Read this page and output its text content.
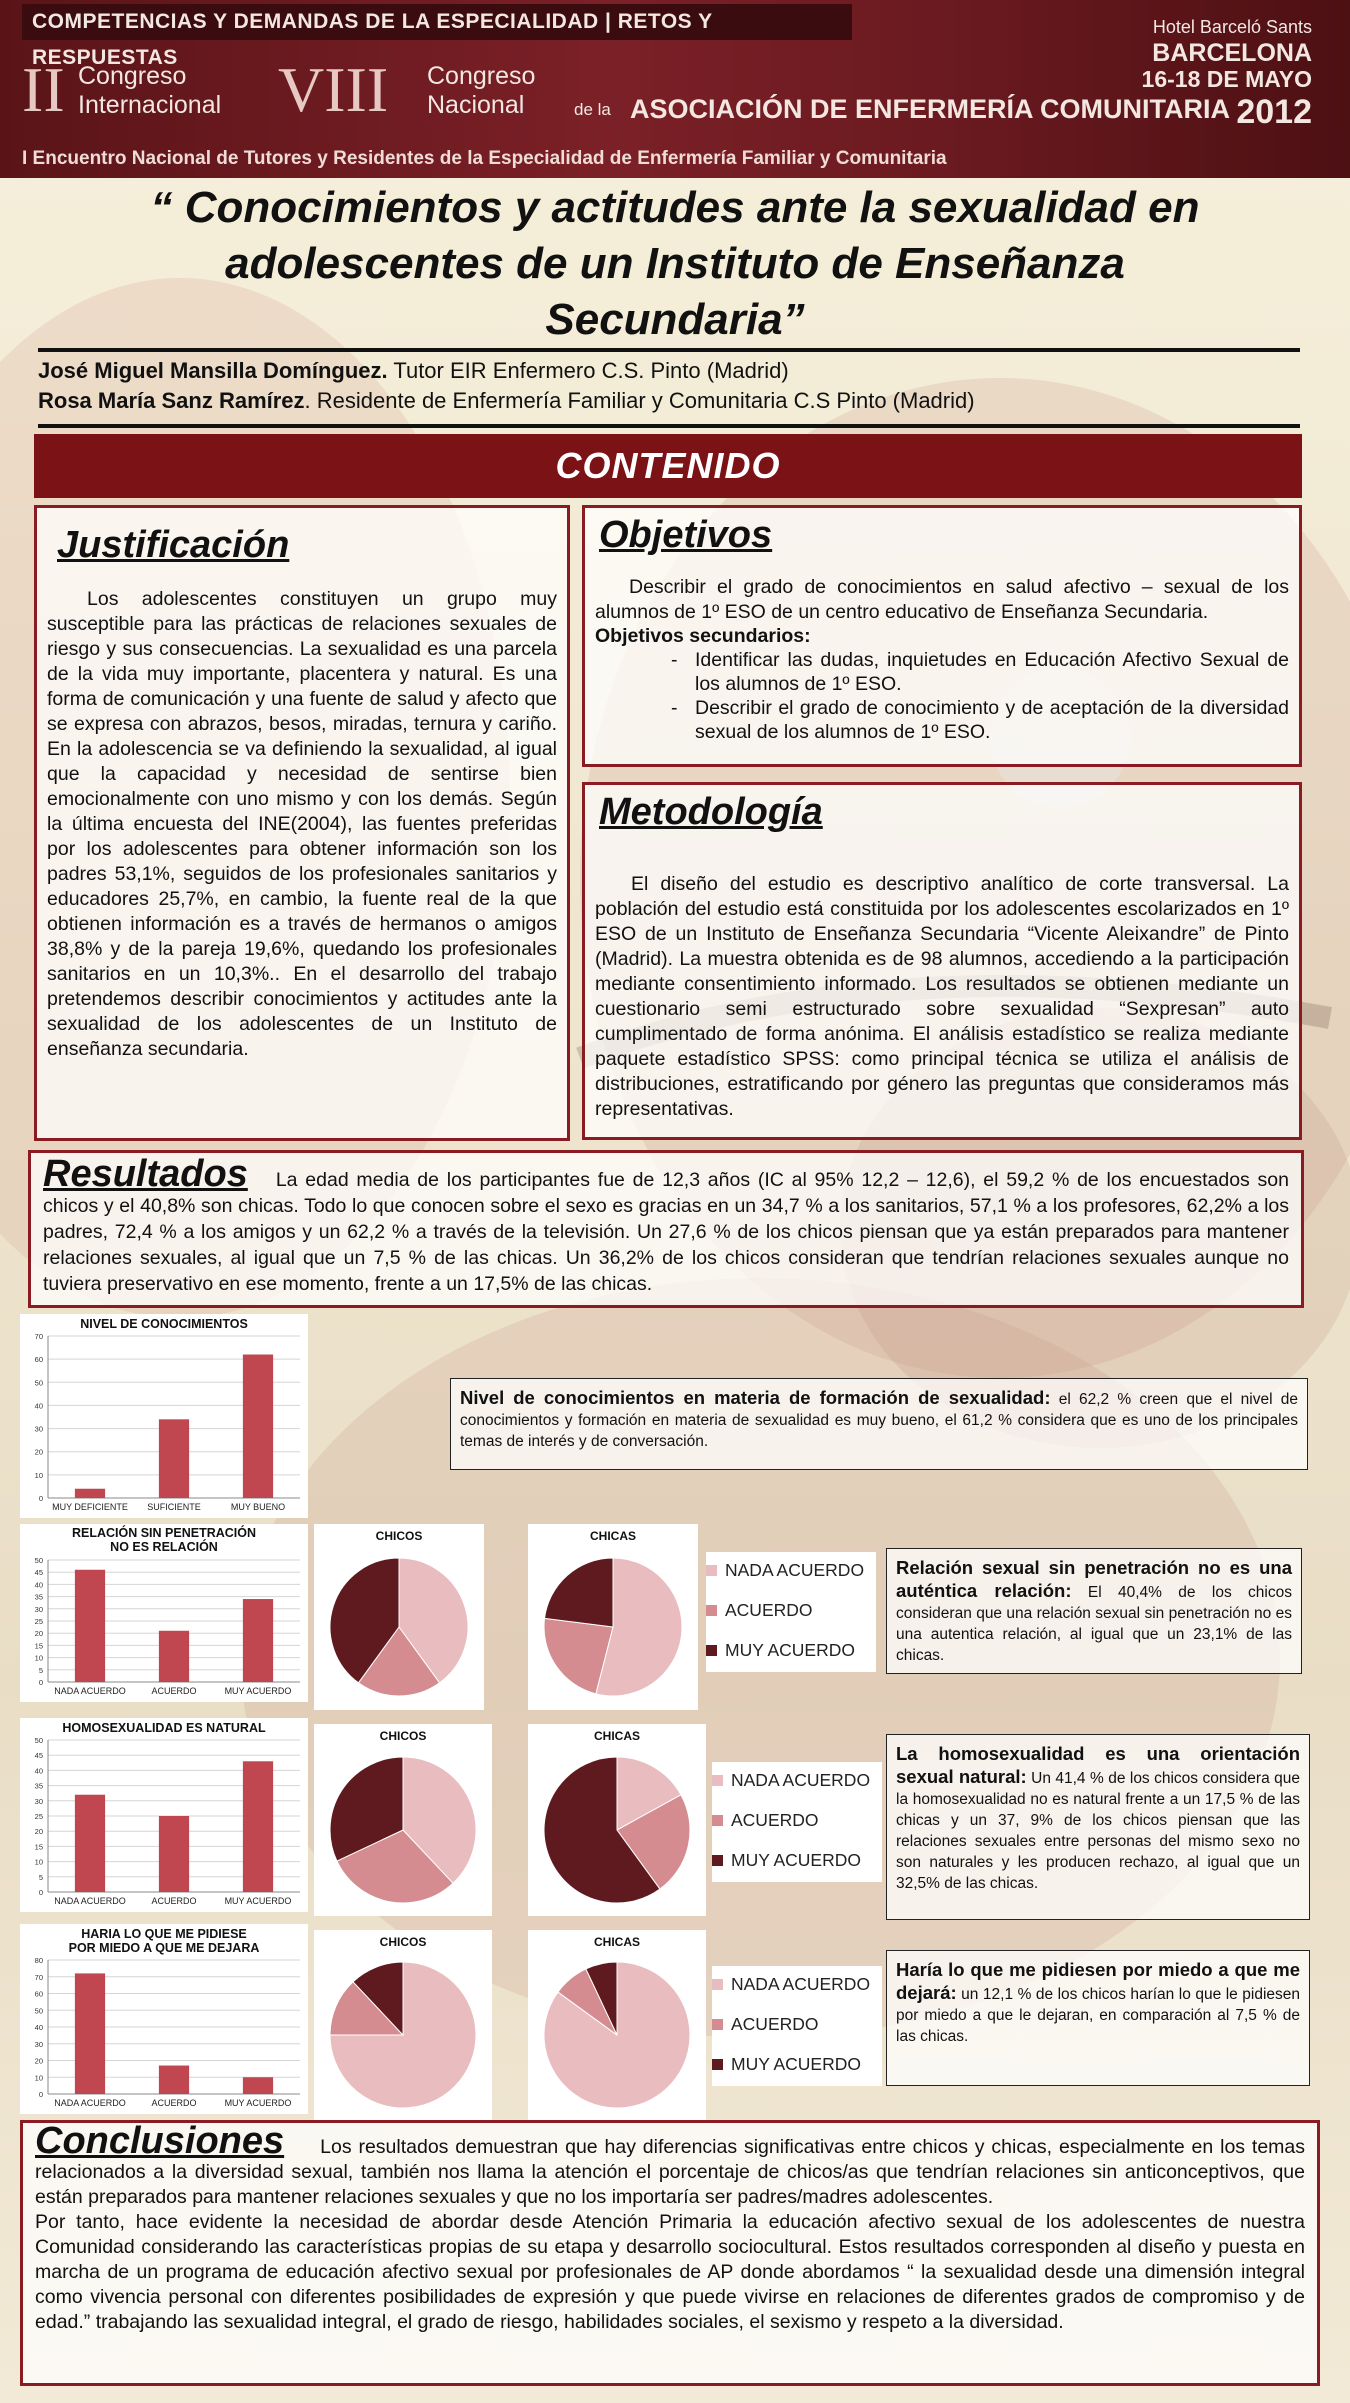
COMPETENCIAS Y DEMANDAS DE LA ESPECIALIDAD | RETOS Y RESPUESTAS
II Congreso
Internacional VIII Congreso
Nacional	de la ASOCIACIÓN DE ENFERMERÍA COMUNITARIA
Hotel Barceló Sants
BARCELONA
16-18 DE MAYO
2012
I Encuentro Nacional de Tutores y Residentes de la Especialidad de Enfermería Familiar y Comunitaria
“ Conocimientos y actitudes ante la sexualidad en
adolescentes de un Instituto de Enseñanza
Secundaria”
José Miguel Mansilla Domínguez. Tutor EIR Enfermero C.S. Pinto (Madrid)
Rosa María Sanz Ramírez. Residente de Enfermería Familiar y Comunitaria C.S Pinto (Madrid)
CONTENIDO
Justificación

Los adolescentes constituyen un grupo muy susceptible para las prácticas de relaciones sexuales de riesgo y sus consecuencias. La sexualidad es una parcela de la vida muy importante, placentera y natural. Es una forma de comunicación y una fuente de salud y afecto que se expresa con abrazos, besos, miradas, ternura y cariño. En la adolescencia se va definiendo la sexualidad, al igual que la capacidad y necesidad de sentirse bien emocionalmente con uno mismo y con los demás. Según la última encuesta del INE(2004), las fuentes preferidas por los adolescentes para obtener información son los padres 53,1%, seguidos de los profesionales sanitarios y educadores 25,7%, en cambio, la fuente real de la que obtienen información es a través de hermanos o amigos 38,8% y de la pareja 19,6%, quedando los profesionales sanitarios en un 10,3%.. En el desarrollo del trabajo pretendemos describir conocimientos y actitudes ante la sexualidad de los adolescentes de un Instituto de enseñanza secundaria.

Objetivos

Describir el grado de conocimientos en salud afectivo – sexual de los alumnos de 1º ESO de un centro educativo de Enseñanza Secundaria.

Objetivos secundarios:
- Identificar las dudas, inquietudes en Educación Afectivo Sexual de los alumnos de 1º ESO.
- Describir el grado de conocimiento y de aceptación de la diversidad sexual de los alumnos de 1º ESO.
Metodología

El diseño del estudio es descriptivo analítico de corte transversal. La población del estudio está constituida por los adolescentes escolarizados en 1º ESO de un Instituto de Enseñanza Secundaria “Vicente Aleixandre” de Pinto (Madrid). La muestra obtenida es de 98 alumnos, accediendo a la participación mediante consentimiento informado. Los resultados se obtienen mediante un cuestionario semi estructurado sobre sexualidad “Sexpresan” auto cumplimentado de forma anónima. El análisis estadístico se realiza mediante paquete estadístico SPSS: como principal técnica se utiliza el análisis de distribuciones, estratificando por género las preguntas que consideramos más representativas.

Resultados La edad media de los participantes fue de 12,3 años (IC al 95% 12,2 – 12,6), el 59,2 % de los encuestados son chicos y el 40,8% son chicas. Todo lo que conocen sobre el sexo es gracias en un 34,7 % a los sanitarios, 57,1 % a los profesores, 62,2% a los padres, 72,4 % a los amigos y un 62,2 % a través de la televisión. Un 27,6 % de los chicos piensan que ya están preparados para mantener relaciones sexuales, al igual que un 7,5 % de las chicas. Un 36,2% de los chicos consideran que tendrían relaciones sexuales aunque no tuviera preservativo en ese momento, frente a un 17,5% de las chicas.
NIVEL DE CONOCIMIENTOS
0
10
20
30
40
50
60
70
MUY DEFICIENTE SUFICIENTE	MUY BUENO
RELACIÓN SIN PENETRACIÓN
NO ES RELACIÓN
0
5
10
15
20
25
30
35
40
45
50
NADA ACUERDO	ACUERDO	MUY ACUERDO
CHICOS	CHICAS
NADA ACUERDO
ACUERDO
MUY ACUERDO
HOMOSEXUALIDAD ES NATURAL
0
5
10
15
20
25
30
35
40
45
50
NADA ACUERDO	ACUERDO	MUY ACUERDO
CHICOS	CHICAS
NADA ACUERDO
ACUERDO
MUY ACUERDO
HARIA LO QUE ME PIDIESE
POR MIEDO A QUE ME DEJARA
0
10
20
30
40
50
60
70
80
NADA ACUERDO	ACUERDO	MUY ACUERDO
CHICOS	CHICAS
NADA ACUERDO
ACUERDO
MUY ACUERDO

Nivel de conocimientos en materia de formación de sexualidad: el 62,2 % creen que el nivel de conocimientos y formación en materia de sexualidad es muy bueno, el 61,2 % considera que es uno de los principales temas de interés y de conversación.

Relación sexual sin penetración no es una auténtica relación: El 40,4% de los chicos consideran que una relación sexual sin penetración no es una autentica relación, al igual que un 23,1% de las chicas.

La homosexualidad es una orientación sexual natural: Un 41,4 % de los chicos considera que la homosexualidad no es natural frente a un 17,5 % de las chicas y un 37, 9% de los chicos piensan que las relaciones sexuales entre personas del mismo sexo no son naturales y les producen rechazo, al igual que un 32,5% de las chicas.

Haría lo que me pidiesen por miedo a que me dejará: un 12,1 % de los chicos harían lo que le pidiesen por miedo a que le dejaran, en comparación al 7,5 % de las chicas.

Conclusiones Los resultados demuestran que hay diferencias significativas entre chicos y chicas, especialmente en los temas relacionados a la diversidad sexual, también nos llama la atención el porcentaje de chicos/as que tendrían relaciones sin anticonceptivos, que están preparados para mantener relaciones sexuales y que no los importaría ser padres/madres adolescentes.
Por tanto, hace evidente la necesidad de abordar desde Atención Primaria la educación afectivo sexual de los adolescentes de nuestra Comunidad considerando las características propias de su etapa y desarrollo sociocultural. Estos resultados corresponden al diseño y puesta en marcha de un programa de educación afectivo sexual por profesionales de AP donde abordamos “ la sexualidad desde una dimensión integral como vivencia personal con diferentes posibilidades de expresión y que puede vivirse en relaciones de diferentes grados de compromiso y de edad.” trabajando las sexualidad integral, el grado de riesgo, habilidades sociales, el sexismo y respeto a la diversidad.
